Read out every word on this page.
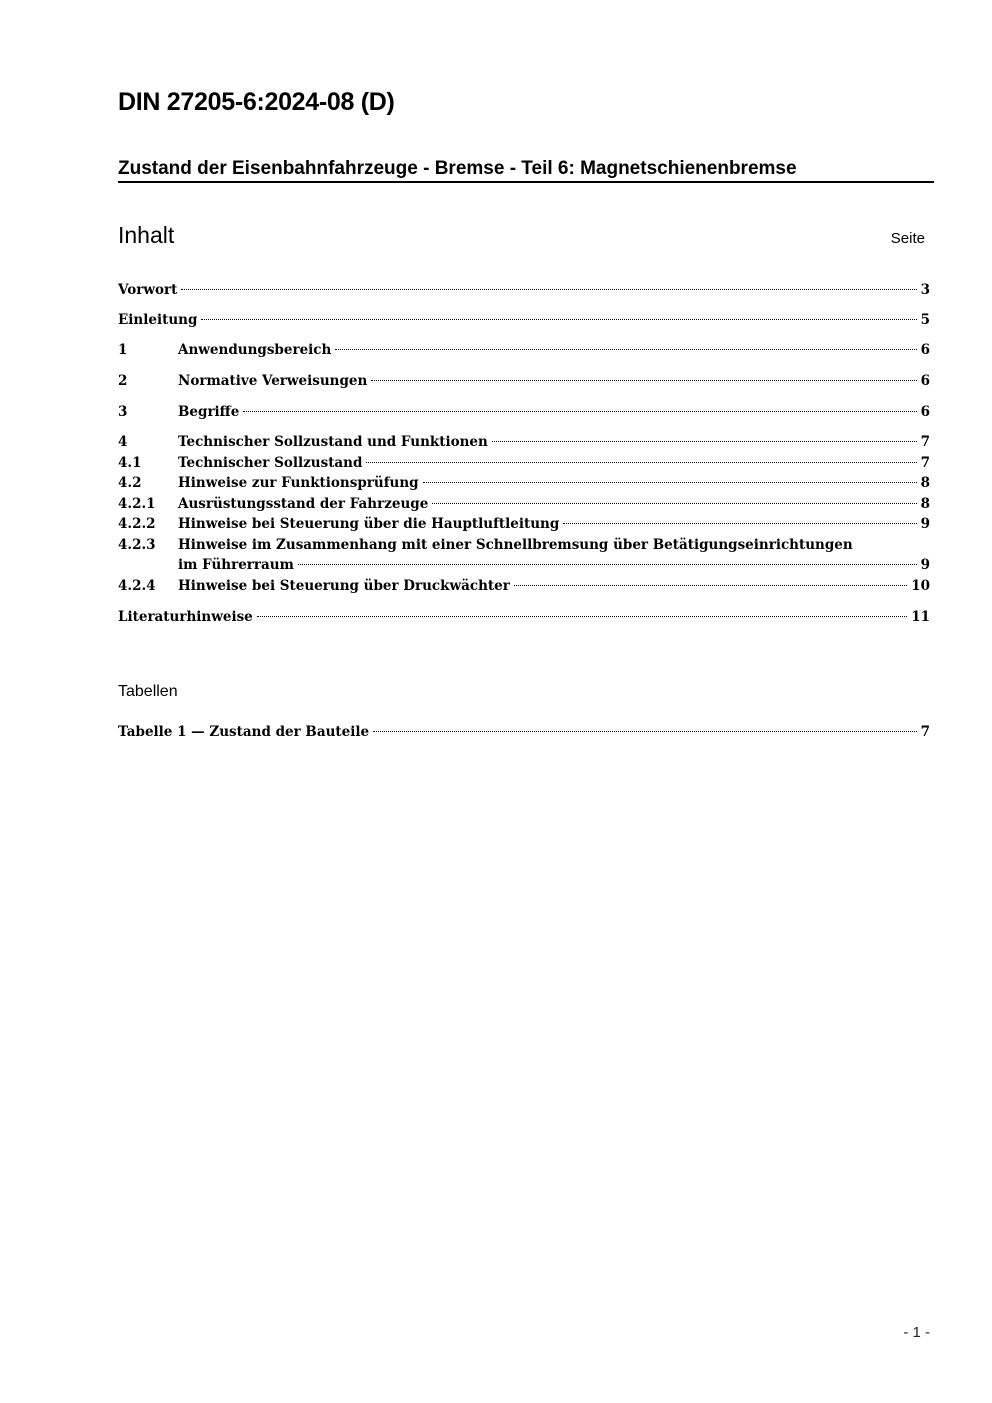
DIN 27205-6:2024-08 (D)
Zustand der Eisenbahnfahrzeuge - Bremse - Teil 6: Magnetschienenbremse
Inhalt	Seite
Vorwort	3
Einleitung	5
1	Anwendungsbereich	6
2	Normative Verweisungen	6
3	Begriffe	6
4	Technischer Sollzustand und Funktionen	7
4.1	Technischer Sollzustand	7
4.2	Hinweise zur Funktionsprüfung	8
4.2.1	Ausrüstungsstand der Fahrzeuge	8
4.2.2	Hinweise bei Steuerung über die Hauptluftleitung	9
4.2.3	Hinweise im Zusammenhang mit einer Schnellbremsung über Betätigungseinrichtungen
im Führerraum	9
4.2.4	Hinweise bei Steuerung über Druckwächter	10
Literaturhinweise	11
Tabelle 1 — Zustand der Bauteile	7
Tabellen
- 1 -
